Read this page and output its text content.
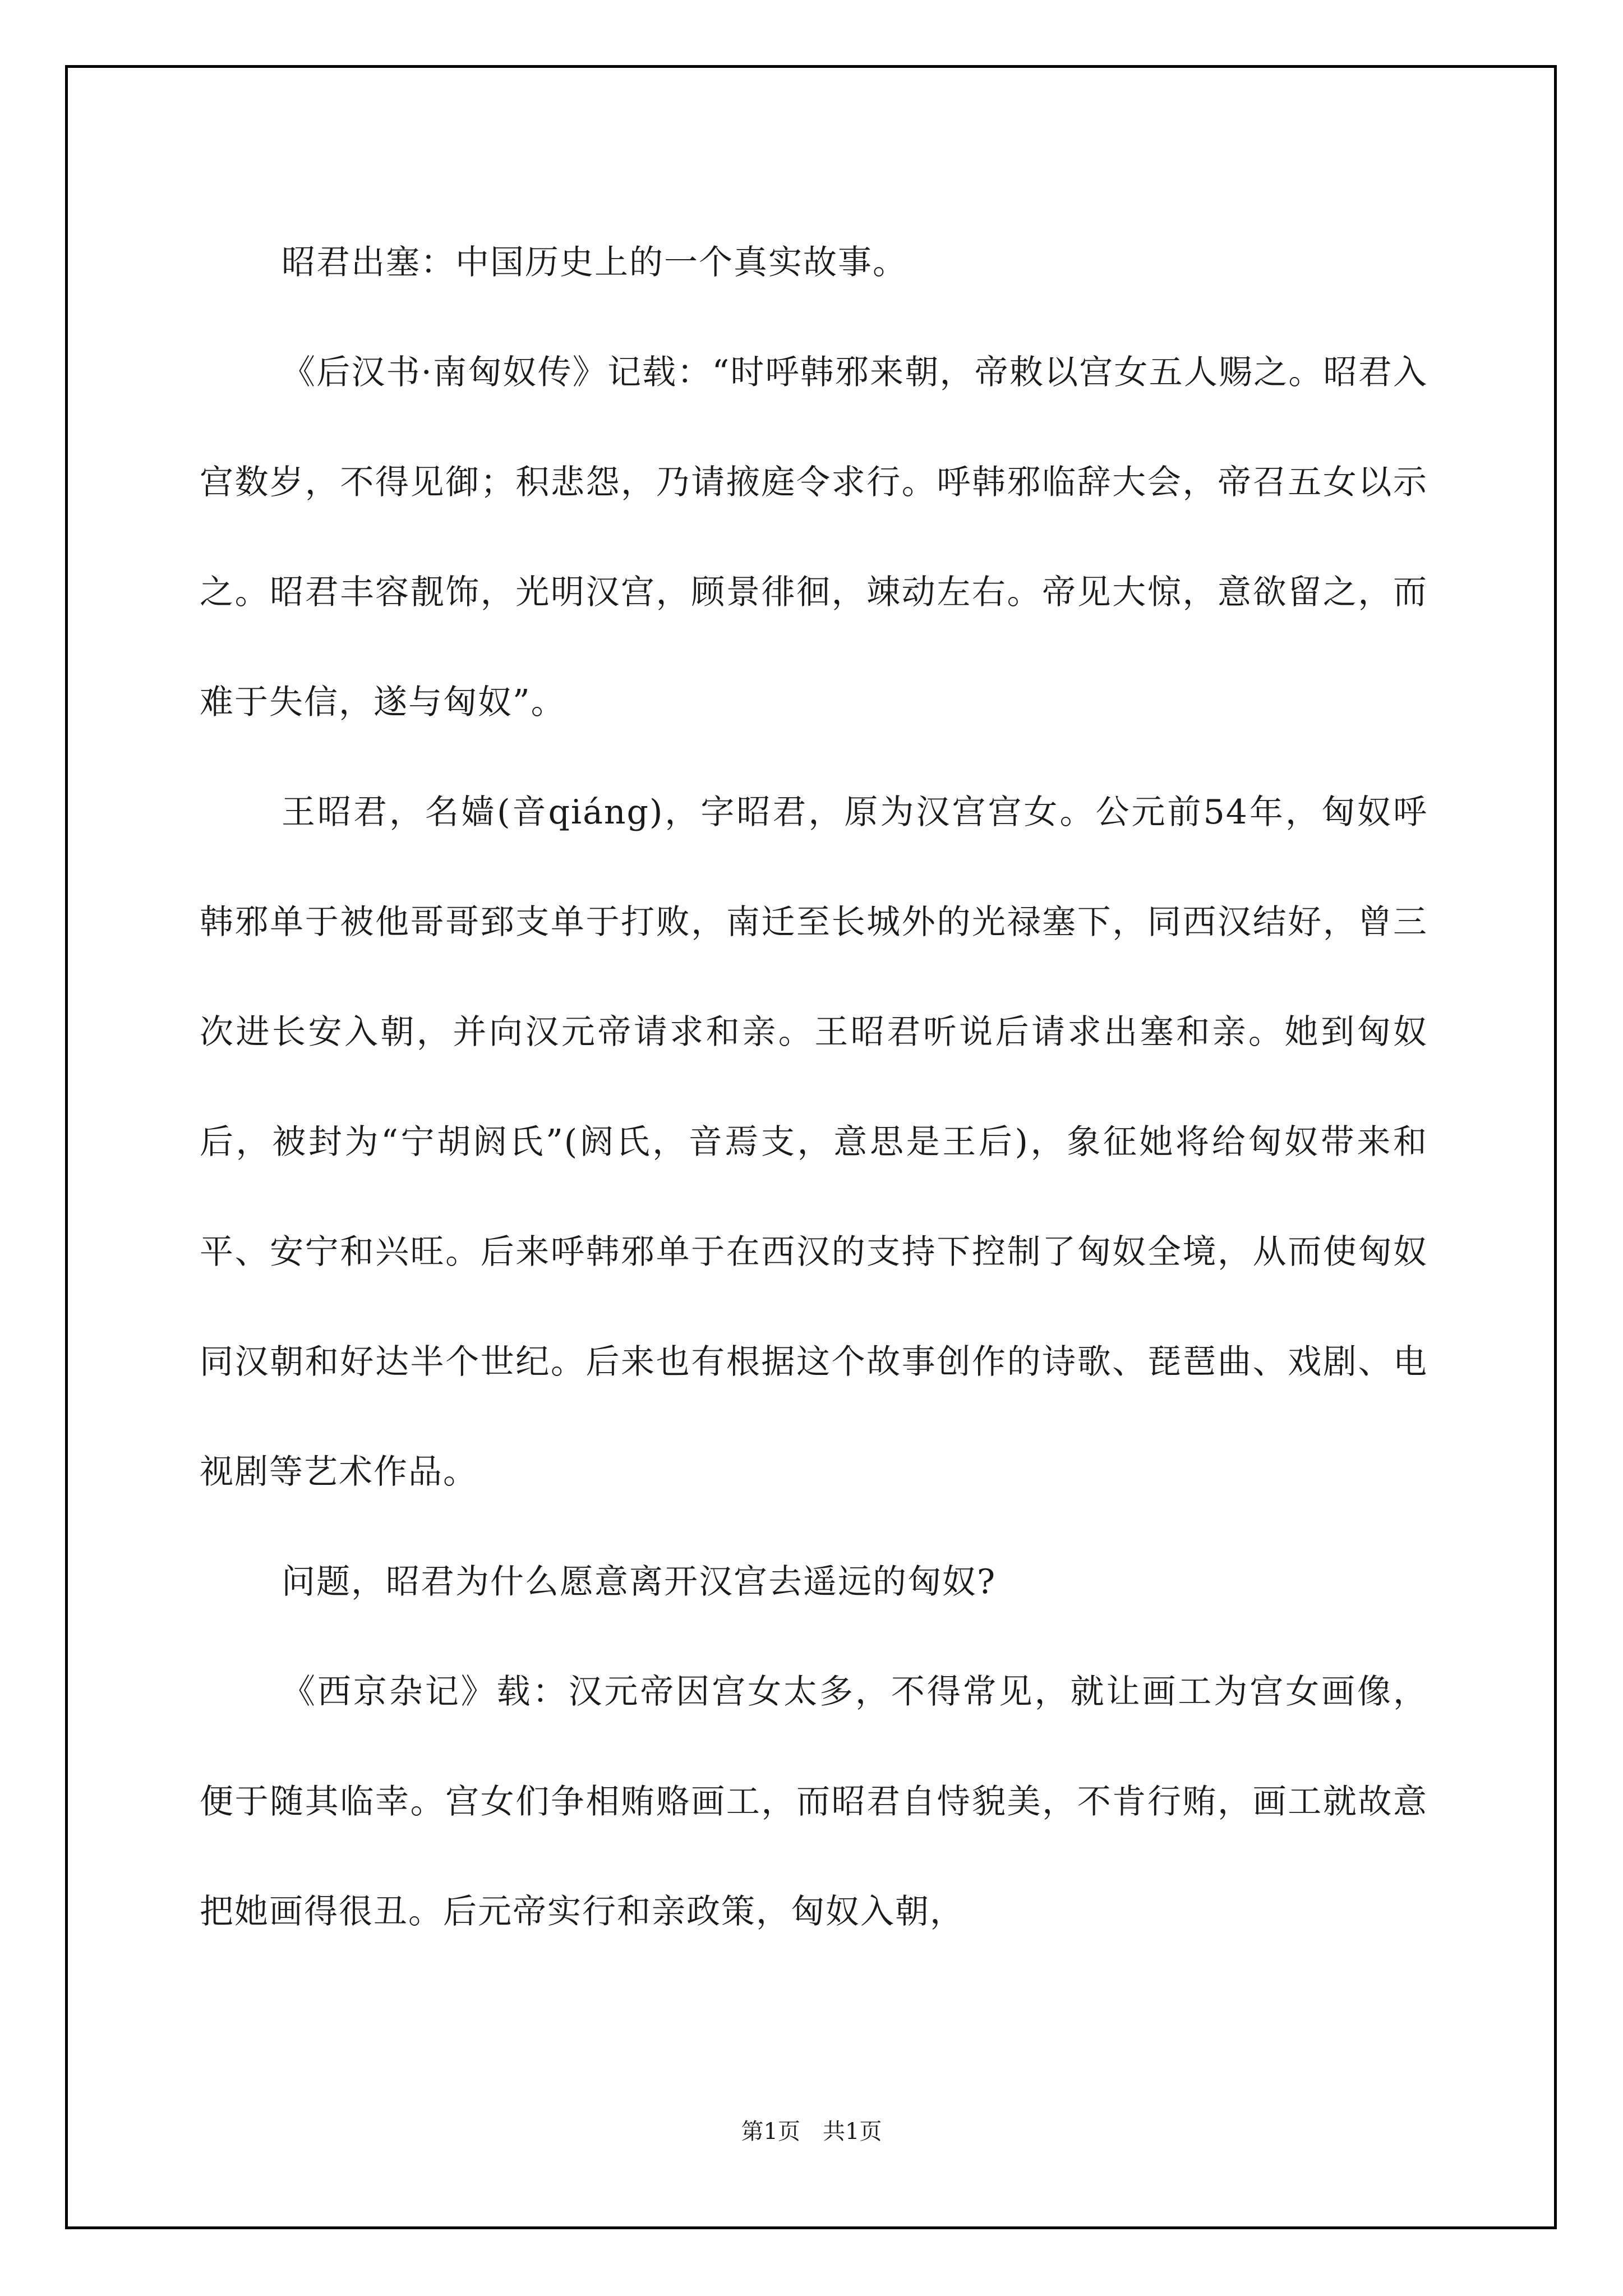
昭君出塞：中国历史上的一个真实故事。

《后汉书·南匈奴传》记载：“时呼韩邪来朝，帝敕以宫女五人赐之。昭君入宫数岁，不得见御；积悲怨，乃请掖庭令求行。呼韩邪临辞大会，帝召五女以示之。昭君丰容靓饰，光明汉宫，顾景徘徊，竦动左右。帝见大惊，意欲留之，而难于失信，遂与匈奴”。

王昭君，名嫱(音qiáng)，字昭君，原为汉宫宫女。公元前54年，匈奴呼韩邪单于被他哥哥郅支单于打败，南迁至长城外的光禄塞下，同西汉结好，曾三次进长安入朝，并向汉元帝请求和亲。王昭君听说后请求出塞和亲。她到匈奴后，被封为“宁胡阏氏”(阏氏，音焉支，意思是王后)，象征她将给匈奴带来和平、安宁和兴旺。后来呼韩邪单于在西汉的支持下控制了匈奴全境，从而使匈奴同汉朝和好达半个世纪。后来也有根据这个故事创作的诗歌、琵琶曲、戏剧、电视剧等艺术作品。

问题，昭君为什么愿意离开汉宫去遥远的匈奴?

《西京杂记》载：汉元帝因宫女太多，不得常见，就让画工为宫女画像，便于随其临幸。宫女们争相贿赂画工，而昭君自恃貌美，不肯行贿，画工就故意把她画得很丑。后元帝实行和亲政策，匈奴入朝，

第1页 共1页
